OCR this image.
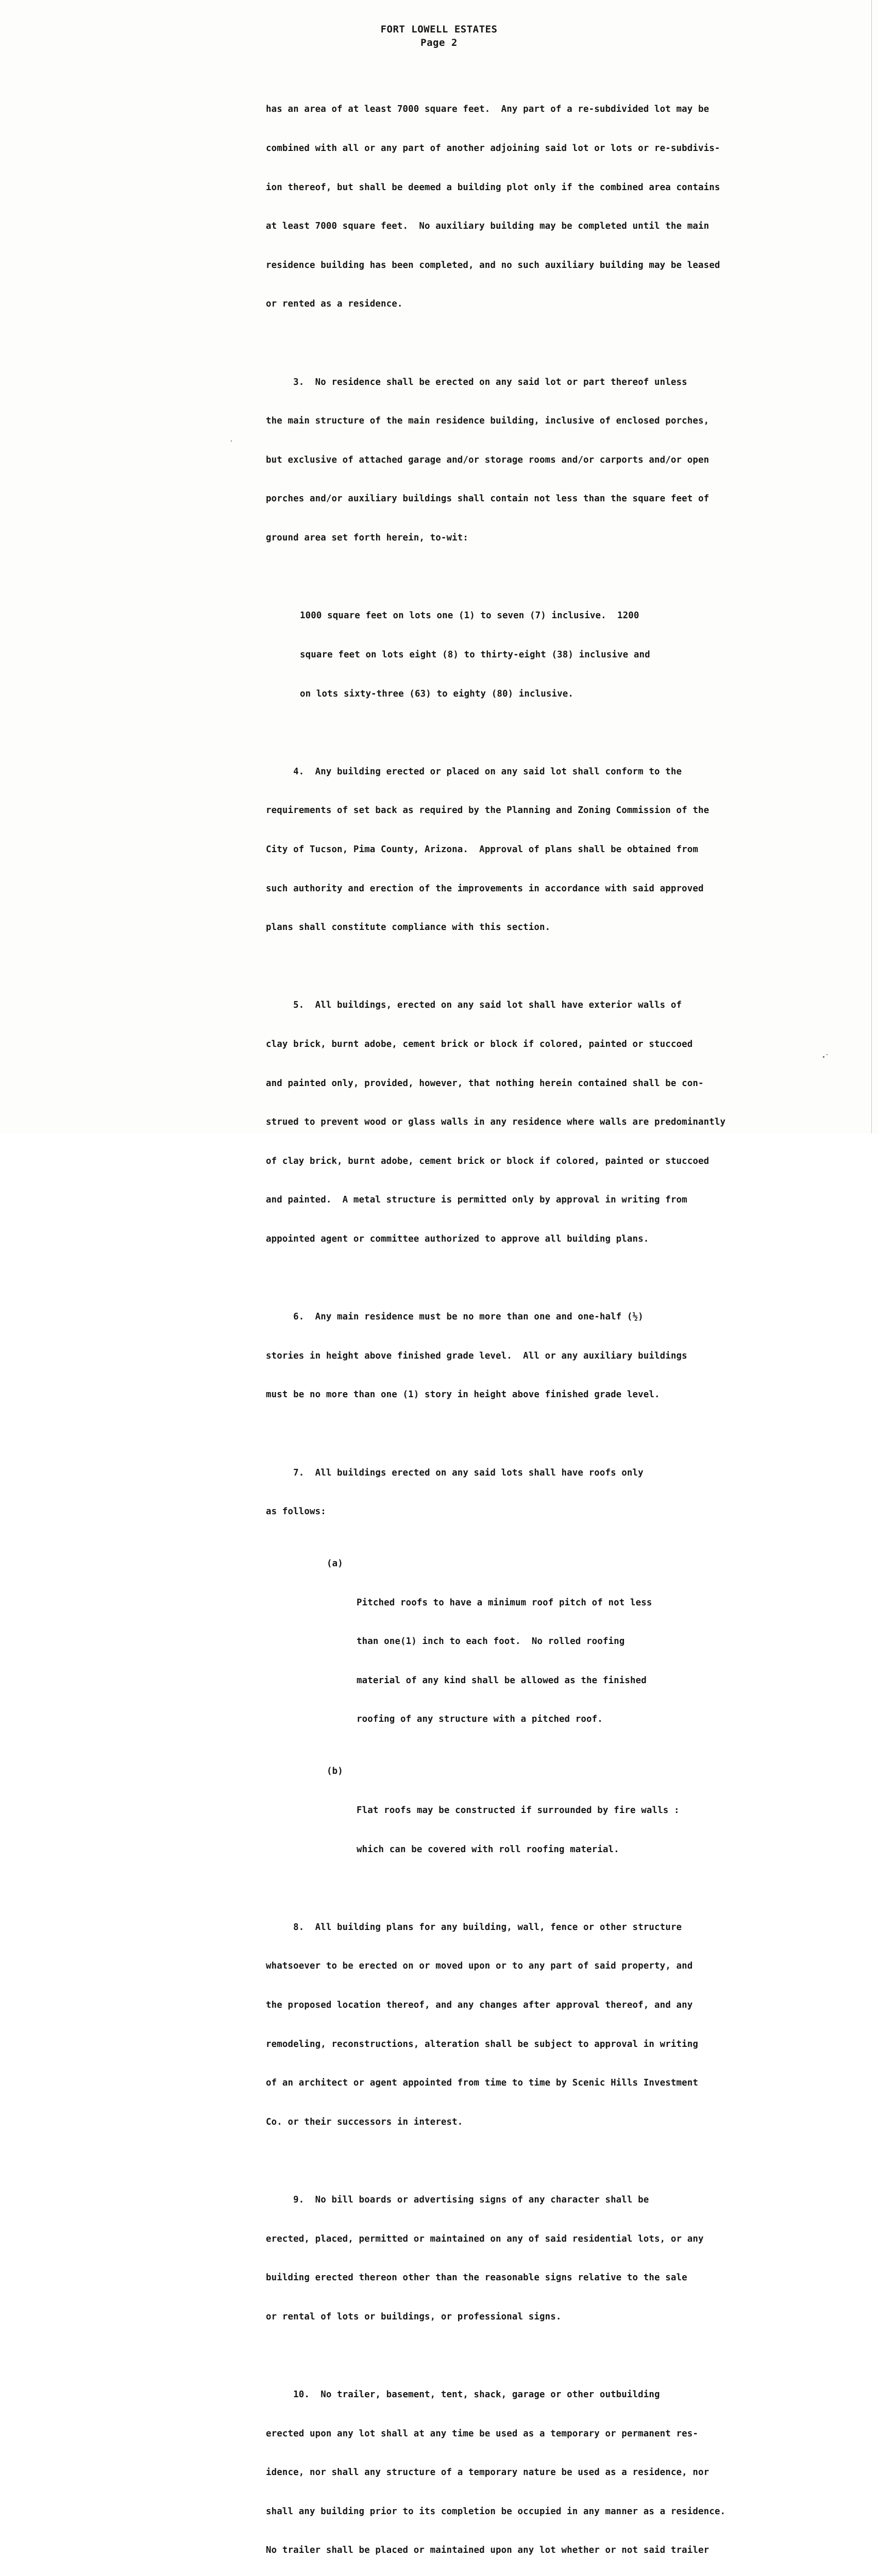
FORT LOWELL ESTATES
Page 2

has an area of at least 7000 square feet.  Any part of a re-subdivided lot may be

combined with all or any part of another adjoining said lot or lots or re-subdivis-

ion thereof, but shall be deemed a building plot only if the combined area contains

at least 7000 square feet.  No auxiliary building may be completed until the main

residence building has been completed, and no such auxiliary building may be leased

or rented as a residence.

3.  No residence shall be erected on any said lot or part thereof unless

the main structure of the main residence building, inclusive of enclosed porches,

but exclusive of attached garage and/or storage rooms and/or carports and/or open

porches and/or auxiliary buildings shall contain not less than the square feet of

ground area set forth herein, to-wit:

1000 square feet on lots one (1) to seven (7) inclusive.  1200

square feet on lots eight (8) to thirty-eight (38) inclusive and

on lots sixty-three (63) to eighty (80) inclusive.

4.  Any building erected or placed on any said lot shall conform to the

requirements of set back as required by the Planning and Zoning Commission of the

City of Tucson, Pima County, Arizona.  Approval of plans shall be obtained from

such authority and erection of the improvements in accordance with said approved

plans shall constitute compliance with this section.

5.  All buildings, erected on any said lot shall have exterior walls of

clay brick, burnt adobe, cement brick or block if colored, painted or stuccoed

and painted only, provided, however, that nothing herein contained shall be con-

strued to prevent wood or glass walls in any residence where walls are predominantly

of clay brick, burnt adobe, cement brick or block if colored, painted or stuccoed

and painted.  A metal structure is permitted only by approval in writing from

appointed agent or committee authorized to approve all building plans.

6.  Any main residence must be no more than one and one-half (½)

stories in height above finished grade level.  All or any auxiliary buildings

must be no more than one (1) story in height above finished grade level.

7.  All buildings erected on any said lots shall have roofs only

as follows:

(a)

Pitched roofs to have a minimum roof pitch of not less

than one(1) inch to each foot.  No rolled roofing

material of any kind shall be allowed as the finished

roofing of any structure with a pitched roof.

(b)

Flat roofs may be constructed if surrounded by fire walls :

which can be covered with roll roofing material.

8.  All building plans for any building, wall, fence or other structure

whatsoever to be erected on or moved upon or to any part of said property, and

the proposed location thereof, and any changes after approval thereof, and any

remodeling, reconstructions, alteration shall be subject to approval in writing

of an architect or agent appointed from time to time by Scenic Hills Investment

Co. or their successors in interest.

9.  No bill boards or advertising signs of any character shall be

erected, placed, permitted or maintained on any of said residential lots, or any

building erected thereon other than the reasonable signs relative to the sale

or rental of lots or buildings, or professional signs.

10.  No trailer, basement, tent, shack, garage or other outbuilding

erected upon any lot shall at any time be used as a temporary or permanent res-

idence, nor shall any structure of a temporary nature be used as a residence, nor

shall any building prior to its completion be occupied in any manner as a residence.

No trailer shall be placed or maintained upon any lot whether or not said trailer
